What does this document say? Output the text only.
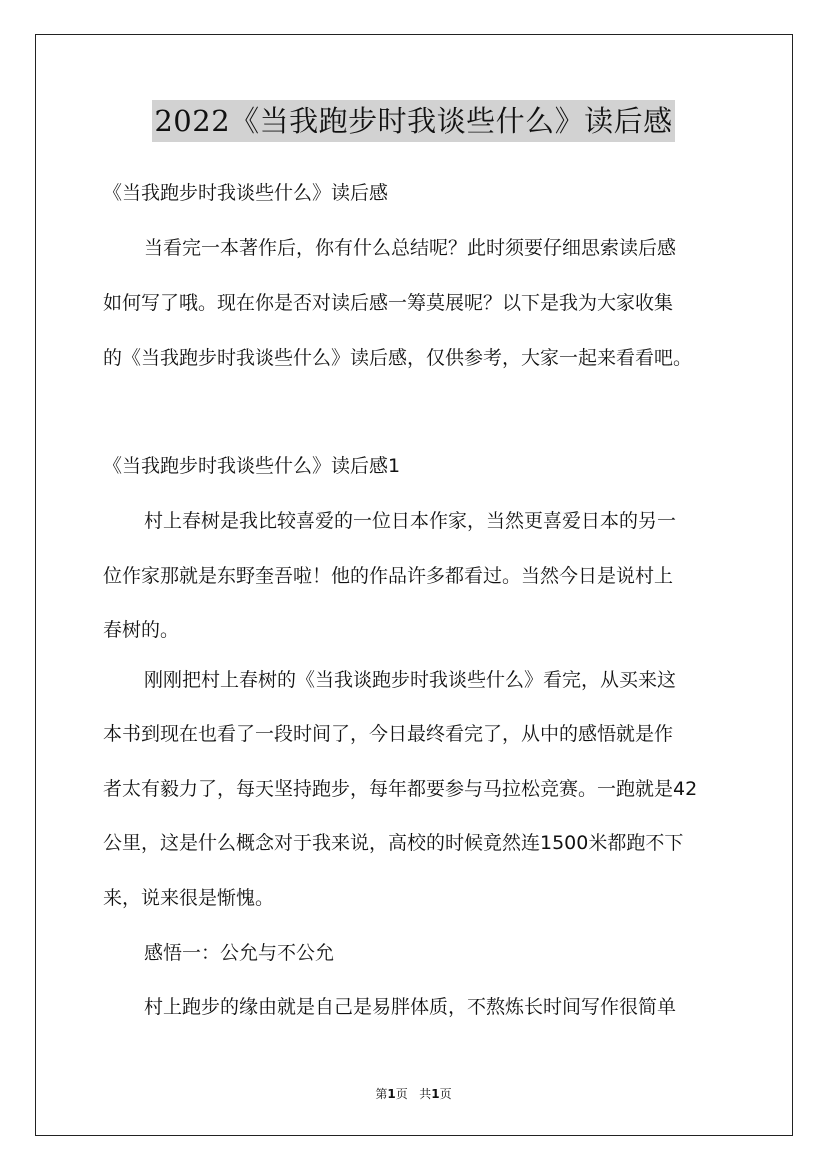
2022《当我跑步时我谈些什么》读后感
《当我跑步时我谈些什么》读后感
当看完一本著作后，你有什么总结呢？此时须要仔细思索读后感
如何写了哦。现在你是否对读后感一筹莫展呢？以下是我为大家收集
的《当我跑步时我谈些什么》读后感，仅供参考，大家一起来看看吧。
《当我跑步时我谈些什么》读后感1
村上春树是我比较喜爱的一位日本作家，当然更喜爱日本的另一
位作家那就是东野奎吾啦！他的作品许多都看过。当然今日是说村上
春树的。
刚刚把村上春树的《当我谈跑步时我谈些什么》看完，从买来这
本书到现在也看了一段时间了，今日最终看完了，从中的感悟就是作
者太有毅力了，每天坚持跑步，每年都要参与马拉松竞赛。一跑就是42
公里，这是什么概念对于我来说，高校的时候竟然连1500米都跑不下
来，说来很是惭愧。
感悟一：公允与不公允
村上跑步的缘由就是自己是易胖体质，不熬炼长时间写作很简单
第1页 共1页
